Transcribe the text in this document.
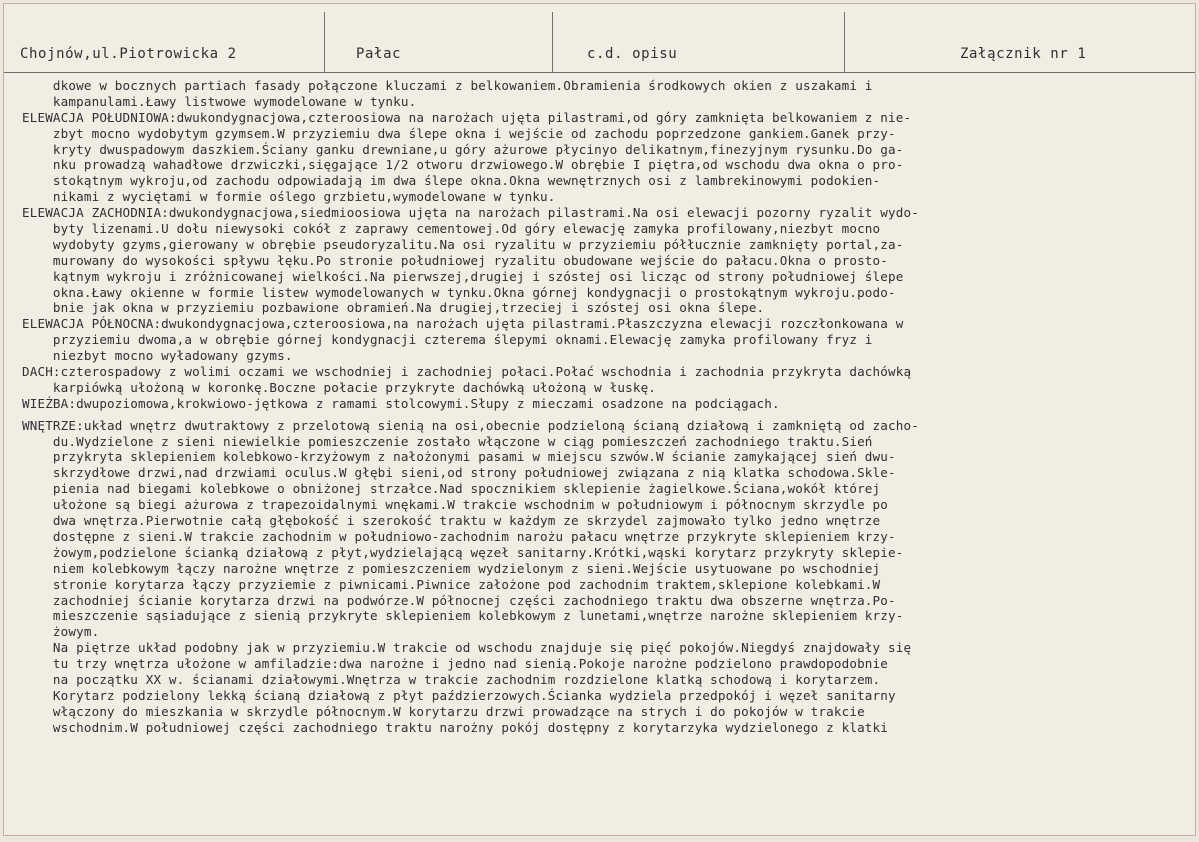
Chojnów,ul.Piotrowicka 2	Pałac	c.d. opisu	Załącznik nr 1
dkowe w bocznych partiach fasady połączone kluczami z belkowaniem.Obramienia środkowych okien z uszakami i
kampanulami.Ławy listwowe wymodelowane w tynku.
ELEWACJA POŁUDNIOWA:dwukondygnacjowa,czteroosiowa na narożach ujęta pilastrami,od góry zamknięta belkowaniem z nie-
zbyt mocno wydobytym gzymsem.W przyziemiu dwa ślepe okna i wejście od zachodu poprzedzone gankiem.Ganek przy-
kryty dwuspadowym daszkiem.Ściany ganku drewniane,u góry ażurowe płycinyo delikatnym,finezyjnym rysunku.Do ga-
nku prowadzą wahadłowe drzwiczki,sięgające 1/2 otworu drzwiowego.W obrębie I piętra,od wschodu dwa okna o pro-
stokątnym wykroju,od zachodu odpowiadają im dwa ślepe okna.Okna wewnętrznych osi z lambrekinowymi podokien-
nikami z wyciętami w formie oślego grzbietu,wymodelowane w tynku.
ELEWACJA ZACHODNIA:dwukondygnacjowa,siedmioosiowa ujęta na narożach pilastrami.Na osi elewacji pozorny ryzalit wydo-
byty lizenami.U dołu niewysoki cokół z zaprawy cementowej.Od góry elewację zamyka profilowany,niezbyt mocno
wydobyty gzyms,gierowany w obrębie pseudoryzalitu.Na osi ryzalitu w przyziemiu półłucznie zamknięty portal,za-
murowany do wysokości spływu łęku.Po stronie południowej ryzalitu obudowane wejście do pałacu.Okna o prosto-
kątnym wykroju i zróżnicowanej wielkości.Na pierwszej,drugiej i szóstej osi licząc od strony południowej ślepe
okna.Ławy okienne w formie listew wymodelowanych w tynku.Okna górnej kondygnacji o prostokątnym wykroju.podo-
bnie jak okna w przyziemiu pozbawione obramień.Na drugiej,trzeciej i szóstej osi okna ślepe.
ELEWACJA PÓŁNOCNA:dwukondygnacjowa,czteroosiowa,na narożach ujęta pilastrami.Płaszczyzna elewacji rozczłonkowana w
przyziemiu dwoma,a w obrębie górnej kondygnacji czterema ślepymi oknami.Elewację zamyka profilowany fryz i
niezbyt mocno wyładowany gzyms.
DACH:czterospadowy z wolimi oczami we wschodniej i zachodniej połaci.Połać wschodnia i zachodnia przykryta dachówką
karpiówką ułożoną w koronkę.Boczne połacie przykryte dachówką ułożoną w łuskę.
WIEŻBA:dwupoziomowa,krokwiowo-jętkowa z ramami stolcowymi.Słupy z mieczami osadzone na podciągach.
WNĘTRZE:układ wnętrz dwutraktowy z przelotową sienią na osi,obecnie podzieloną ścianą działową i zamkniętą od zacho-
du.Wydzielone z sieni niewielkie pomieszczenie zostało włączone w ciąg pomieszczeń zachodniego traktu.Sień
przykryta sklepieniem kolebkowo-krzyżowym z nałożonymi pasami w miejscu szwów.W ścianie zamykającej sień dwu-
skrzydłowe drzwi,nad drzwiami oculus.W głębi sieni,od strony południowej związana z nią klatka schodowa.Skle-
pienia nad biegami kolebkowe o obniżonej strzałce.Nad spocznikiem sklepienie żagielkowe.Ściana,wokół której
ułożone są biegi ażurowa z trapezoidalnymi wnękami.W trakcie wschodnim w południowym i północnym skrzydle po
dwa wnętrza.Pierwotnie całą głębokość i szerokość traktu w każdym ze skrzydel zajmowało tylko jedno wnętrze
dostępne z sieni.W trakcie zachodnim w południowo-zachodnim narożu pałacu wnętrze przykryte sklepieniem krzy-
żowym,podzielone ścianką działową z płyt,wydzielającą węzeł sanitarny.Krótki,wąski korytarz przykryty sklepie-
niem kolebkowym łączy narożne wnętrze z pomieszczeniem wydzielonym z sieni.Wejście usytuowane po wschodniej
stronie korytarza łączy przyziemie z piwnicami.Piwnice założone pod zachodnim traktem,sklepione kolebkami.W
zachodniej ścianie korytarza drzwi na podwórze.W północnej części zachodniego traktu dwa obszerne wnętrza.Po-
mieszczenie sąsiadujące z sienią przykryte sklepieniem kolebkowym z lunetami,wnętrze narożne sklepieniem krzy-
żowym.
Na piętrze układ podobny jak w przyziemiu.W trakcie od wschodu znajduje się pięć pokojów.Niegdyś znajdowały się
tu trzy wnętrza ułożone w amfiladzie:dwa narożne i jedno nad sienią.Pokoje narożne podzielono prawdopodobnie
na początku XX w. ścianami działowymi.Wnętrza w trakcie zachodnim rozdzielone klatką schodową i korytarzem.
Korytarz podzielony lekką ścianą działową z płyt paździerzowych.Ścianka wydziela przedpokój i węzeł sanitarny
włączony do mieszkania w skrzydle północnym.W korytarzu drzwi prowadzące na strych i do pokojów w trakcie
wschodnim.W południowej części zachodniego traktu narożny pokój dostępny z korytarzyka wydzielonego z klatki
